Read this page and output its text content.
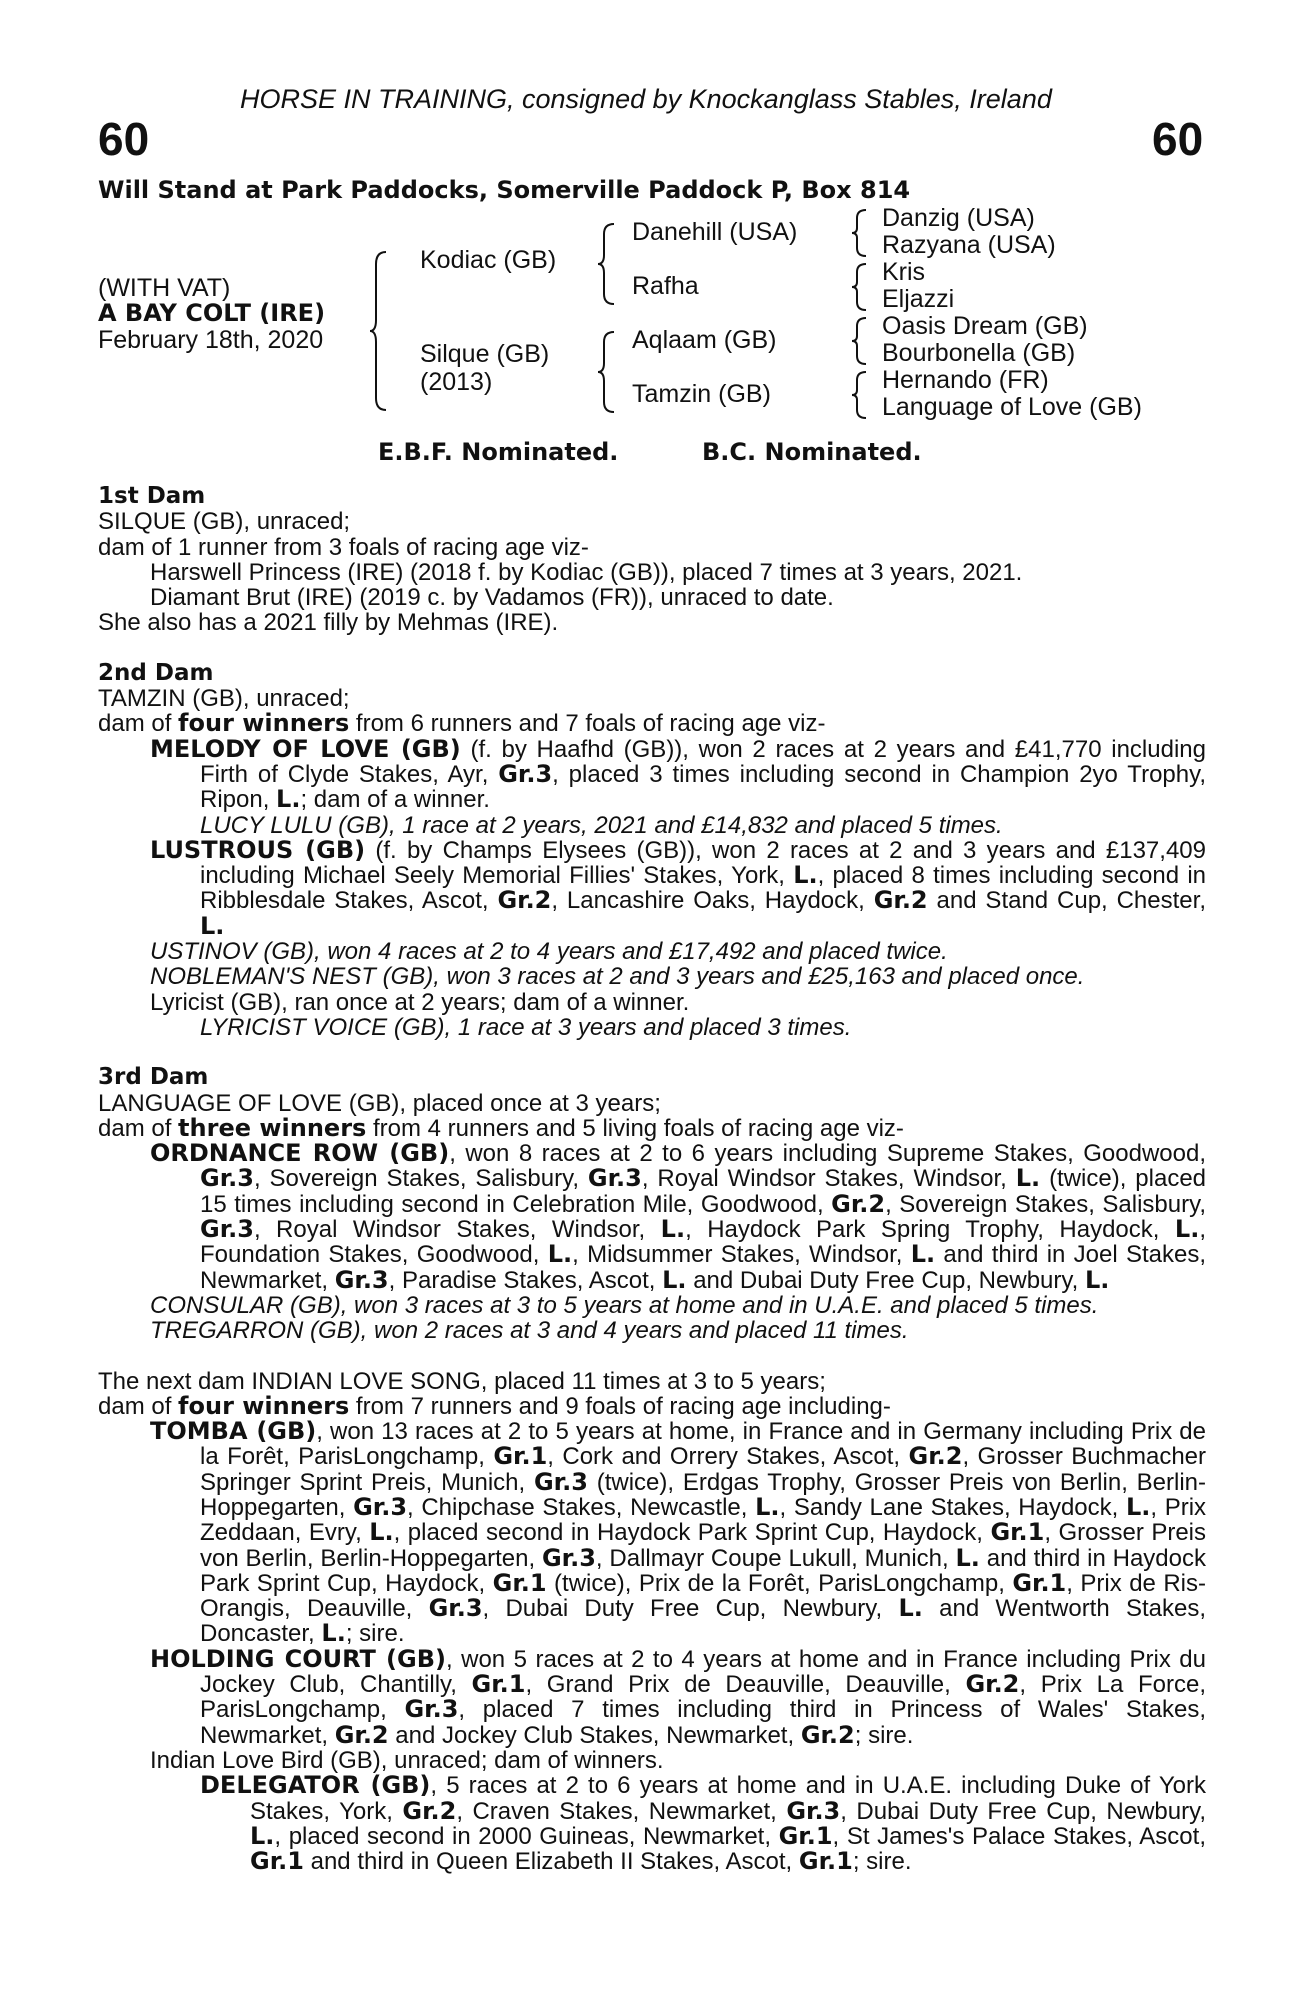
HORSE IN TRAINING, consigned by Knockanglass Stables, Ireland
60	60
Will Stand at Park Paddocks, Somerville Paddock P, Box 814
(WITH VAT)
A BAY COLT (IRE)
February 18th, 2020
Kodiac (GB)
Silque (GB)
(2013)
Danehill (USA)
Rafha
Aqlaam (GB)
Tamzin (GB)
Danzig (USA)
Razyana (USA)
Kris
Eljazzi
Oasis Dream (GB)
Bourbonella (GB)
Hernando (FR)
Language of Love (GB)
E.B.F. Nominated.	B.C. Nominated.
1st Dam
SILQUE (GB), unraced;
dam of 1 runner from 3 foals of racing age viz-
Harswell Princess (IRE) (2018 f. by Kodiac (GB)), placed 7 times at 3 years, 2021.
Diamant Brut (IRE) (2019 c. by Vadamos (FR)), unraced to date.
She also has a 2021 filly by Mehmas (IRE).
2nd Dam
TAMZIN (GB), unraced;
dam of four winners from 6 runners and 7 foals of racing age viz-
MELODY OF LOVE (GB) (f. by Haafhd (GB)), won 2 races at 2 years and £41,770 including Firth of Clyde Stakes, Ayr, Gr.3, placed 3 times including second in Champion 2yo Trophy, Ripon, L.; dam of a winner.
LUCY LULU (GB), 1 race at 2 years, 2021 and £14,832 and placed 5 times.
LUSTROUS (GB) (f. by Champs Elysees (GB)), won 2 races at 2 and 3 years and £137,409 including Michael Seely Memorial Fillies' Stakes, York, L., placed 8 times including second in Ribblesdale Stakes, Ascot, Gr.2, Lancashire Oaks, Haydock, Gr.2 and Stand Cup, Chester, L.
USTINOV (GB), won 4 races at 2 to 4 years and £17,492 and placed twice.
NOBLEMAN'S NEST (GB), won 3 races at 2 and 3 years and £25,163 and placed once.
Lyricist (GB), ran once at 2 years; dam of a winner.
LYRICIST VOICE (GB), 1 race at 3 years and placed 3 times.
3rd Dam
LANGUAGE OF LOVE (GB), placed once at 3 years;
dam of three winners from 4 runners and 5 living foals of racing age viz-
ORDNANCE ROW (GB), won 8 races at 2 to 6 years including Supreme Stakes, Goodwood, Gr.3, Sovereign Stakes, Salisbury, Gr.3, Royal Windsor Stakes, Windsor, L. (twice), placed 15 times including second in Celebration Mile, Goodwood, Gr.2, Sovereign Stakes, Salisbury, Gr.3, Royal Windsor Stakes, Windsor, L., Haydock Park Spring Trophy, Haydock, L., Foundation Stakes, Goodwood, L., Midsummer Stakes, Windsor, L. and third in Joel Stakes, Newmarket, Gr.3, Paradise Stakes, Ascot, L. and Dubai Duty Free Cup, Newbury, L.
CONSULAR (GB), won 3 races at 3 to 5 years at home and in U.A.E. and placed 5 times.
TREGARRON (GB), won 2 races at 3 and 4 years and placed 11 times.
The next dam INDIAN LOVE SONG, placed 11 times at 3 to 5 years;
dam of four winners from 7 runners and 9 foals of racing age including-
TOMBA (GB), won 13 races at 2 to 5 years at home, in France and in Germany including Prix de la Forêt, ParisLongchamp, Gr.1, Cork and Orrery Stakes, Ascot, Gr.2, Grosser Buchmacher Springer Sprint Preis, Munich, Gr.3 (twice), Erdgas Trophy, Grosser Preis von Berlin, Berlin-Hoppegarten, Gr.3, Chipchase Stakes, Newcastle, L., Sandy Lane Stakes, Haydock, L., Prix Zeddaan, Evry, L., placed second in Haydock Park Sprint Cup, Haydock, Gr.1, Grosser Preis von Berlin, Berlin-Hoppegarten, Gr.3, Dallmayr Coupe Lukull, Munich, L. and third in Haydock Park Sprint Cup, Haydock, Gr.1 (twice), Prix de la Forêt, ParisLongchamp, Gr.1, Prix de Ris-Orangis, Deauville, Gr.3, Dubai Duty Free Cup, Newbury, L. and Wentworth Stakes, Doncaster, L.; sire.
HOLDING COURT (GB), won 5 races at 2 to 4 years at home and in France including Prix du Jockey Club, Chantilly, Gr.1, Grand Prix de Deauville, Deauville, Gr.2, Prix La Force, ParisLongchamp, Gr.3, placed 7 times including third in Princess of Wales' Stakes, Newmarket, Gr.2 and Jockey Club Stakes, Newmarket, Gr.2; sire.
Indian Love Bird (GB), unraced; dam of winners.
DELEGATOR (GB), 5 races at 2 to 6 years at home and in U.A.E. including Duke of York Stakes, York, Gr.2, Craven Stakes, Newmarket, Gr.3, Dubai Duty Free Cup, Newbury, L., placed second in 2000 Guineas, Newmarket, Gr.1, St James's Palace Stakes, Ascot, Gr.1 and third in Queen Elizabeth II Stakes, Ascot, Gr.1; sire.
